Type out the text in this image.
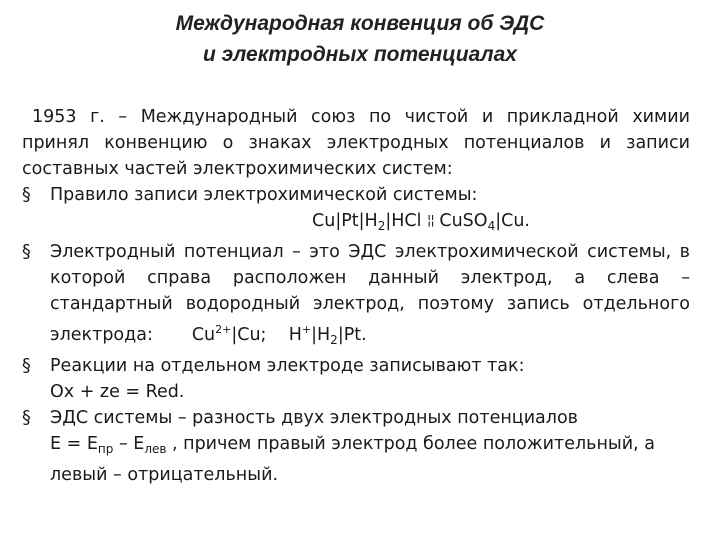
Международная конвенция об ЭДС
и электродных потенциалах

1953 г. – Международный союз по чистой и прикладной химии принял конвенцию о знаках электродных потенциалов и записи составных частей электрохимических систем:

§ Правило записи электрохимической системы:
$Cu|Pt|H_2|HCl$ ¦¦ CuSO$_4$|Cu.
§ Электродный потенциал – это ЭДС электрохимической системы, в которой справа расположен данный электрод, а слева – стандартный водородный электрод, поэтому запись отдельного электрода: $Cu^{2+}|Cu$; $H^+|H_2|Pt$.
§ Реакции на отдельном электроде записывают так:
Ox + ze = Red.
§ ЭДС системы – разность двух электродных потенциалов
$E = E_{пр} - E_{лев}$ , причем правый электрод более положительный, а левый – отрицательный.
